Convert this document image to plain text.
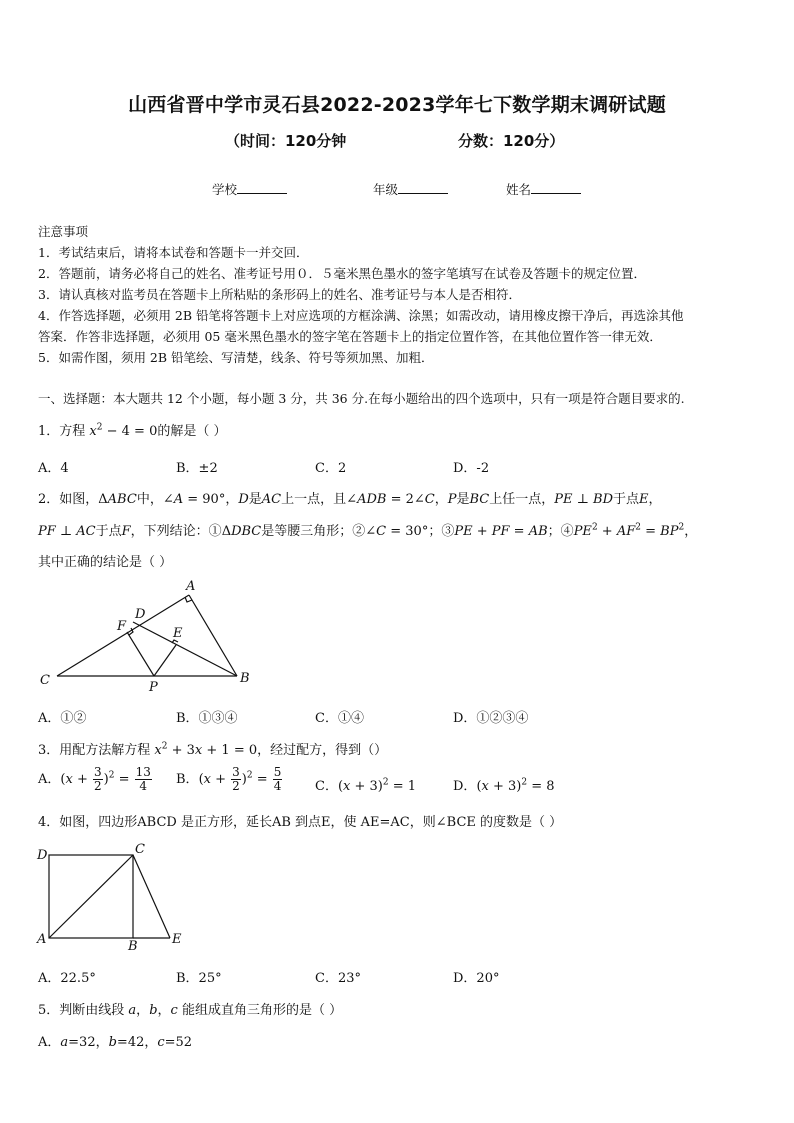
山西省晋中学市灵石县2022-2023学年七下数学期末调研试题
（时间：120分钟	分数：120分）
学校	年级	姓名
注意事项
1．考试结束后，请将本试卷和答题卡一并交回．
2．答题前，请务必将自己的姓名、准考证号用０．５毫米黑色墨水的签字笔填写在试卷及答题卡的规定位置．
3．请认真核对监考员在答题卡上所粘贴的条形码上的姓名、准考证号与本人是否相符．
4．作答选择题，必须用 2B 铅笔将答题卡上对应选项的方框涂满、涂黑；如需改动，请用橡皮擦干净后，再选涂其他
答案．作答非选择题，必须用 05 毫米黑色墨水的签字笔在答题卡上的指定位置作答，在其他位置作答一律无效．
5．如需作图，须用 2B 铅笔绘、写清楚，线条、符号等须加黑、加粗．
一、选择题：本大题共 12 个小题，每小题 3 分，共 36 分.在每小题给出的四个选项中，只有一项是符合题目要求的.
1．方程 $x^2 - 4 = 0$的解是（ ）
A．4	B．±2	C．2	D．-2
2．如图，ΔABC中，∠A = 90°，D是AC上一点，且∠ADB = 2∠C，P是BC上任一点，PE ⊥ BD于点E，
PF ⊥ AC于点F，下列结论：①ΔDBC是等腰三角形；②∠C = 30°；③PE + PF = AB；$④PE^2 + AF^2 = BP^2$，
其中正确的结论是（ ）
C
A
D
F	E
P
B
A．①②	B．①③④	C．①④	D．①②③④
3．用配方法解方程 $x^2 + 3x + 1 = 0$，经过配方，得到（）
A．$(x + \frac{3}{2} )^2 = \frac{13}{4}$ B．$(x + \frac{3}{2} )^2 = \frac{5}{4}$	C．$(x + 3)^2 = 1$	D．$(x + 3)^2 = 8$
4．如图，四边形ABCD 是正方形，延长AB 到点E，使 AE=AC，则∠BCE 的度数是（ ）
D	C
A	B	E
A．22.5°	B．25°	C．23°	D．20°
5．判断由线段 a，b，c 能组成直角三角形的是（ ）
A．a=32，b=42，c=52
